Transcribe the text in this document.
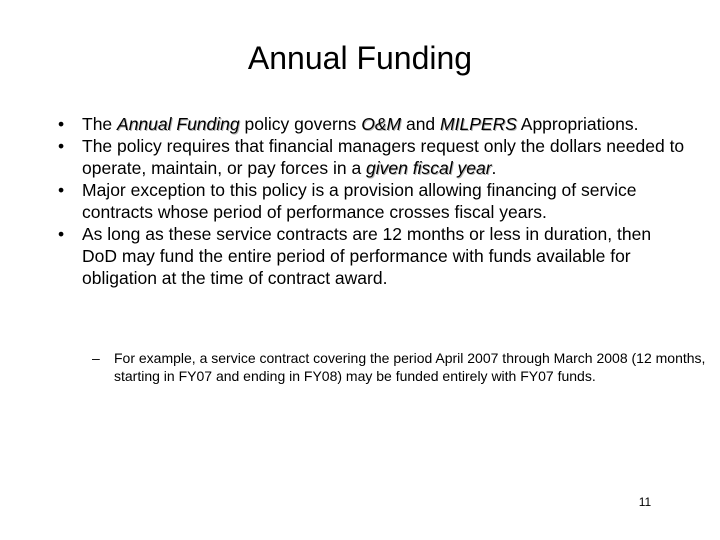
Annual Funding
•	The Annual Funding policy governs O&M and MILPERS Appropriations.
•	The policy requires that financial managers request only the dollars needed to operate, maintain, or pay forces in a given fiscal year.
•	Major exception to this policy is a provision allowing financing of service contracts whose period of performance crosses fiscal years.
•	As long as these service contracts are 12 months or less in duration, then DoD may fund the entire period of performance with funds available for obligation at the time of contract award.
– For example, a service contract covering the period April 2007 through March 2008 (12 months, starting in FY07 and ending in FY08) may be funded entirely with FY07 funds.
11
